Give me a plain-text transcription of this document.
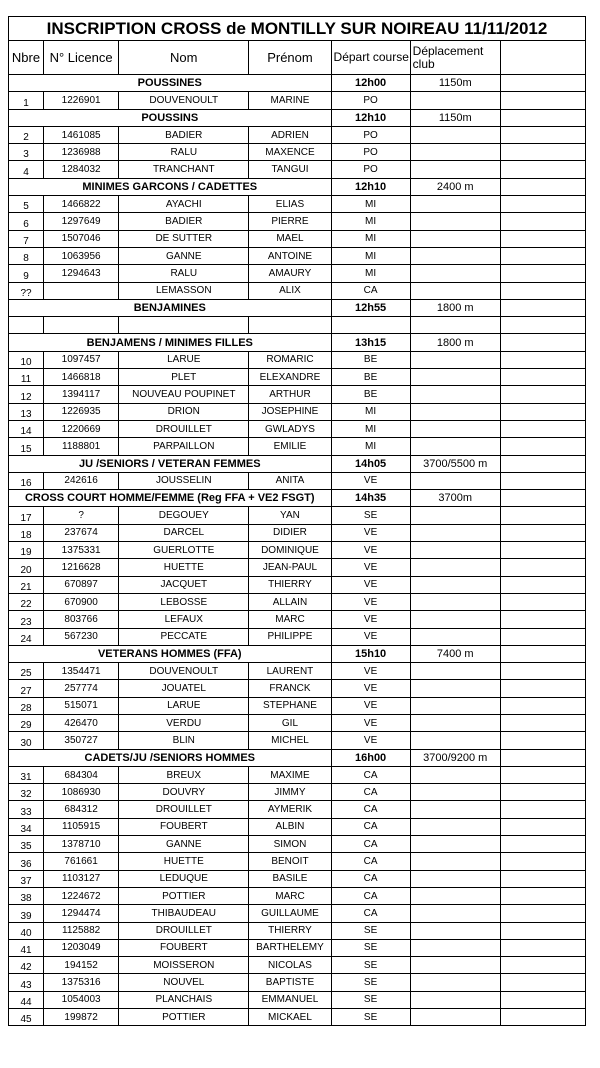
INSCRIPTION CROSS de MONTILLY SUR NOIREAU 11/11/2012						
Nbre	N° Licence	Nom	Prénom	Départ course	Déplacement club	
POUSSINES				12h00	1150m	
1	1226901	DOUVENOULT	MARINE	PO		
POUSSINS				12h10	1150m	
2	1461085	BADIER	ADRIEN	PO		
3	1236988	RALU	MAXENCE	PO		
4	1284032	TRANCHANT	TANGUI	PO		
MINIMES GARCONS / CADETTES				12h10	2400 m	
5	1466822	AYACHI	ELIAS	MI		
6	1297649	BADIER	PIERRE	MI		
7	1507046	DE SUTTER	MAEL	MI		
8	1063956	GANNE	ANTOINE	MI		
9	1294643	RALU	AMAURY	MI		
??		LEMASSON	ALIX	CA		
BENJAMINES				12h55	1800 m	

BENJAMENS / MINIMES FILLES				13h15	1800 m	
10	1097457	LARUE	ROMARIC	BE		
11	1466818	PLET	ELEXANDRE	BE		
12	1394117	NOUVEAU POUPINET	ARTHUR	BE		
13	1226935	DRION	JOSEPHINE	MI		
14	1220669	DROUILLET	GWLADYS	MI		
15	1188801	PARPAILLON	EMILIE	MI		
JU /SENIORS / VETERAN FEMMES				14h05	3700/5500 m	
16	242616	JOUSSELIN	ANITA	VE		
CROSS COURT HOMME/FEMME (Reg FFA + VE2 FSGT)				14h35	3700m	
17	?	DEGOUEY	YAN	SE		
18	237674	DARCEL	DIDIER	VE		
19	1375331	GUERLOTTE	DOMINIQUE	VE		
20	1216628	HUETTE	JEAN-PAUL	VE		
21	670897	JACQUET	THIERRY	VE		
22	670900	LEBOSSE	ALLAIN	VE		
23	803766	LEFAUX	MARC	VE		
24	567230	PECCATE	PHILIPPE	VE		
VETERANS HOMMES (FFA)				15h10	7400 m	
25	1354471	DOUVENOULT	LAURENT	VE		
27	257774	JOUATEL	FRANCK	VE		
28	515071	LARUE	STEPHANE	VE		
29	426470	VERDU	GIL	VE		
30	350727	BLIN	MICHEL	VE		
CADETS/JU /SENIORS HOMMES				16h00	3700/9200 m	
31	684304	BREUX	MAXIME	CA		
32	1086930	DOUVRY	JIMMY	CA		
33	684312	DROUILLET	AYMERIK	CA		
34	1105915	FOUBERT	ALBIN	CA		
35	1378710	GANNE	SIMON	CA		
36	761661	HUETTE	BENOIT	CA		
37	1103127	LEDUQUE	BASILE	CA		
38	1224672	POTTIER	MARC	CA		
39	1294474	THIBAUDEAU	GUILLAUME	CA		
40	1125882	DROUILLET	THIERRY	SE		
41	1203049	FOUBERT	BARTHELEMY	SE		
42	194152	MOISSERON	NICOLAS	SE		
43	1375316	NOUVEL	BAPTISTE	SE		
44	1054003	PLANCHAIS	EMMANUEL	SE		
45	199872	POTTIER	MICKAEL	SE		
